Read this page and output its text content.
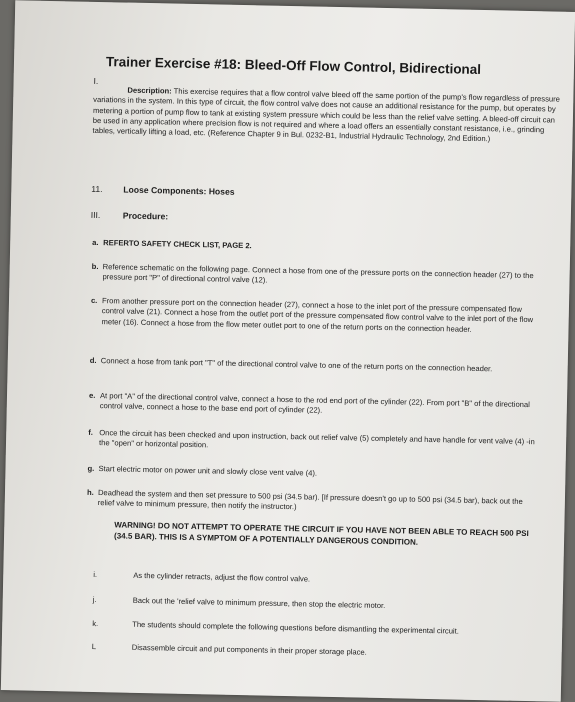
Trainer Exercise #18: Bleed-Off Flow Control, Bidirectional
I.
Description: This exercise requires that a flow control valve bleed off the same portion of the pump's flow regardless of pressure variations in the system. In this type of circuit, the flow control valve does not cause an additional resistance for the pump, but operates by metering a portion of pump flow to tank at existing system pressure which could be less than the relief valve setting. A bleed-off circuit can be used in any application where precision flow is not required and where a load offers an essentially constant resistance, i.e., grinding tables, vertically lifting a load, etc. (Reference Chapter 9 in Bul. 0232-B1, Industrial Hydraulic Technology, 2nd Edition.)
11. Loose Components: Hoses
III.	Procedure:
a. REFERTO SAFETY CHECK LIST, PAGE 2.
b. Reference schematic on the following page. Connect a hose from one of the pressure ports on the connection header (27) to the pressure port "P" of directional control valve (12).
c. From another pressure port on the connection header (27), connect a hose to the inlet port of the pressure compensated flow control valve (21). Connect a hose from the outlet port of the pressure compensated flow control valve to the inlet port of the flow meter (16). Connect a hose from the flow meter outlet port to one of the return ports on the connection header.
d. Connect a hose from tank port "T" of the directional control valve to one of the return ports on the connection header.
e. At port "A" of the directional control valve, connect a hose to the rod end port of the cylinder (22). From port "B" of the directional control valve, connect a hose to the base end port of cylinder (22).
f. Once the circuit has been checked and upon instruction, back out relief valve (5) completely and have handle for vent valve (4) -in the "open" or horizontal position.
g. Start electric motor on power unit and slowly close vent valve (4).
h. Deadhead the system and then set pressure to 500 psi (34.5 bar). [If pressure doesn't go up to 500 psi (34.5 bar), back out the relief valve to minimum pressure, then notify the instructor.)
WARNING! DO NOT ATTEMPT TO OPERATE THE CIRCUIT IF YOU HAVE NOT BEEN ABLE TO REACH 500 PSI (34.5 BAR). THIS IS A SYMPTOM OF A POTENTIALLY DANGEROUS CONDITION.
i.	As the cylinder retracts, adjust the flow control valve.
j.	Back out the 'relief valve to minimum pressure, then stop the electric motor.
k.	The students should complete the following questions before dismantling the experimental circuit.
L	Disassemble circuit and put components in their proper storage place.
